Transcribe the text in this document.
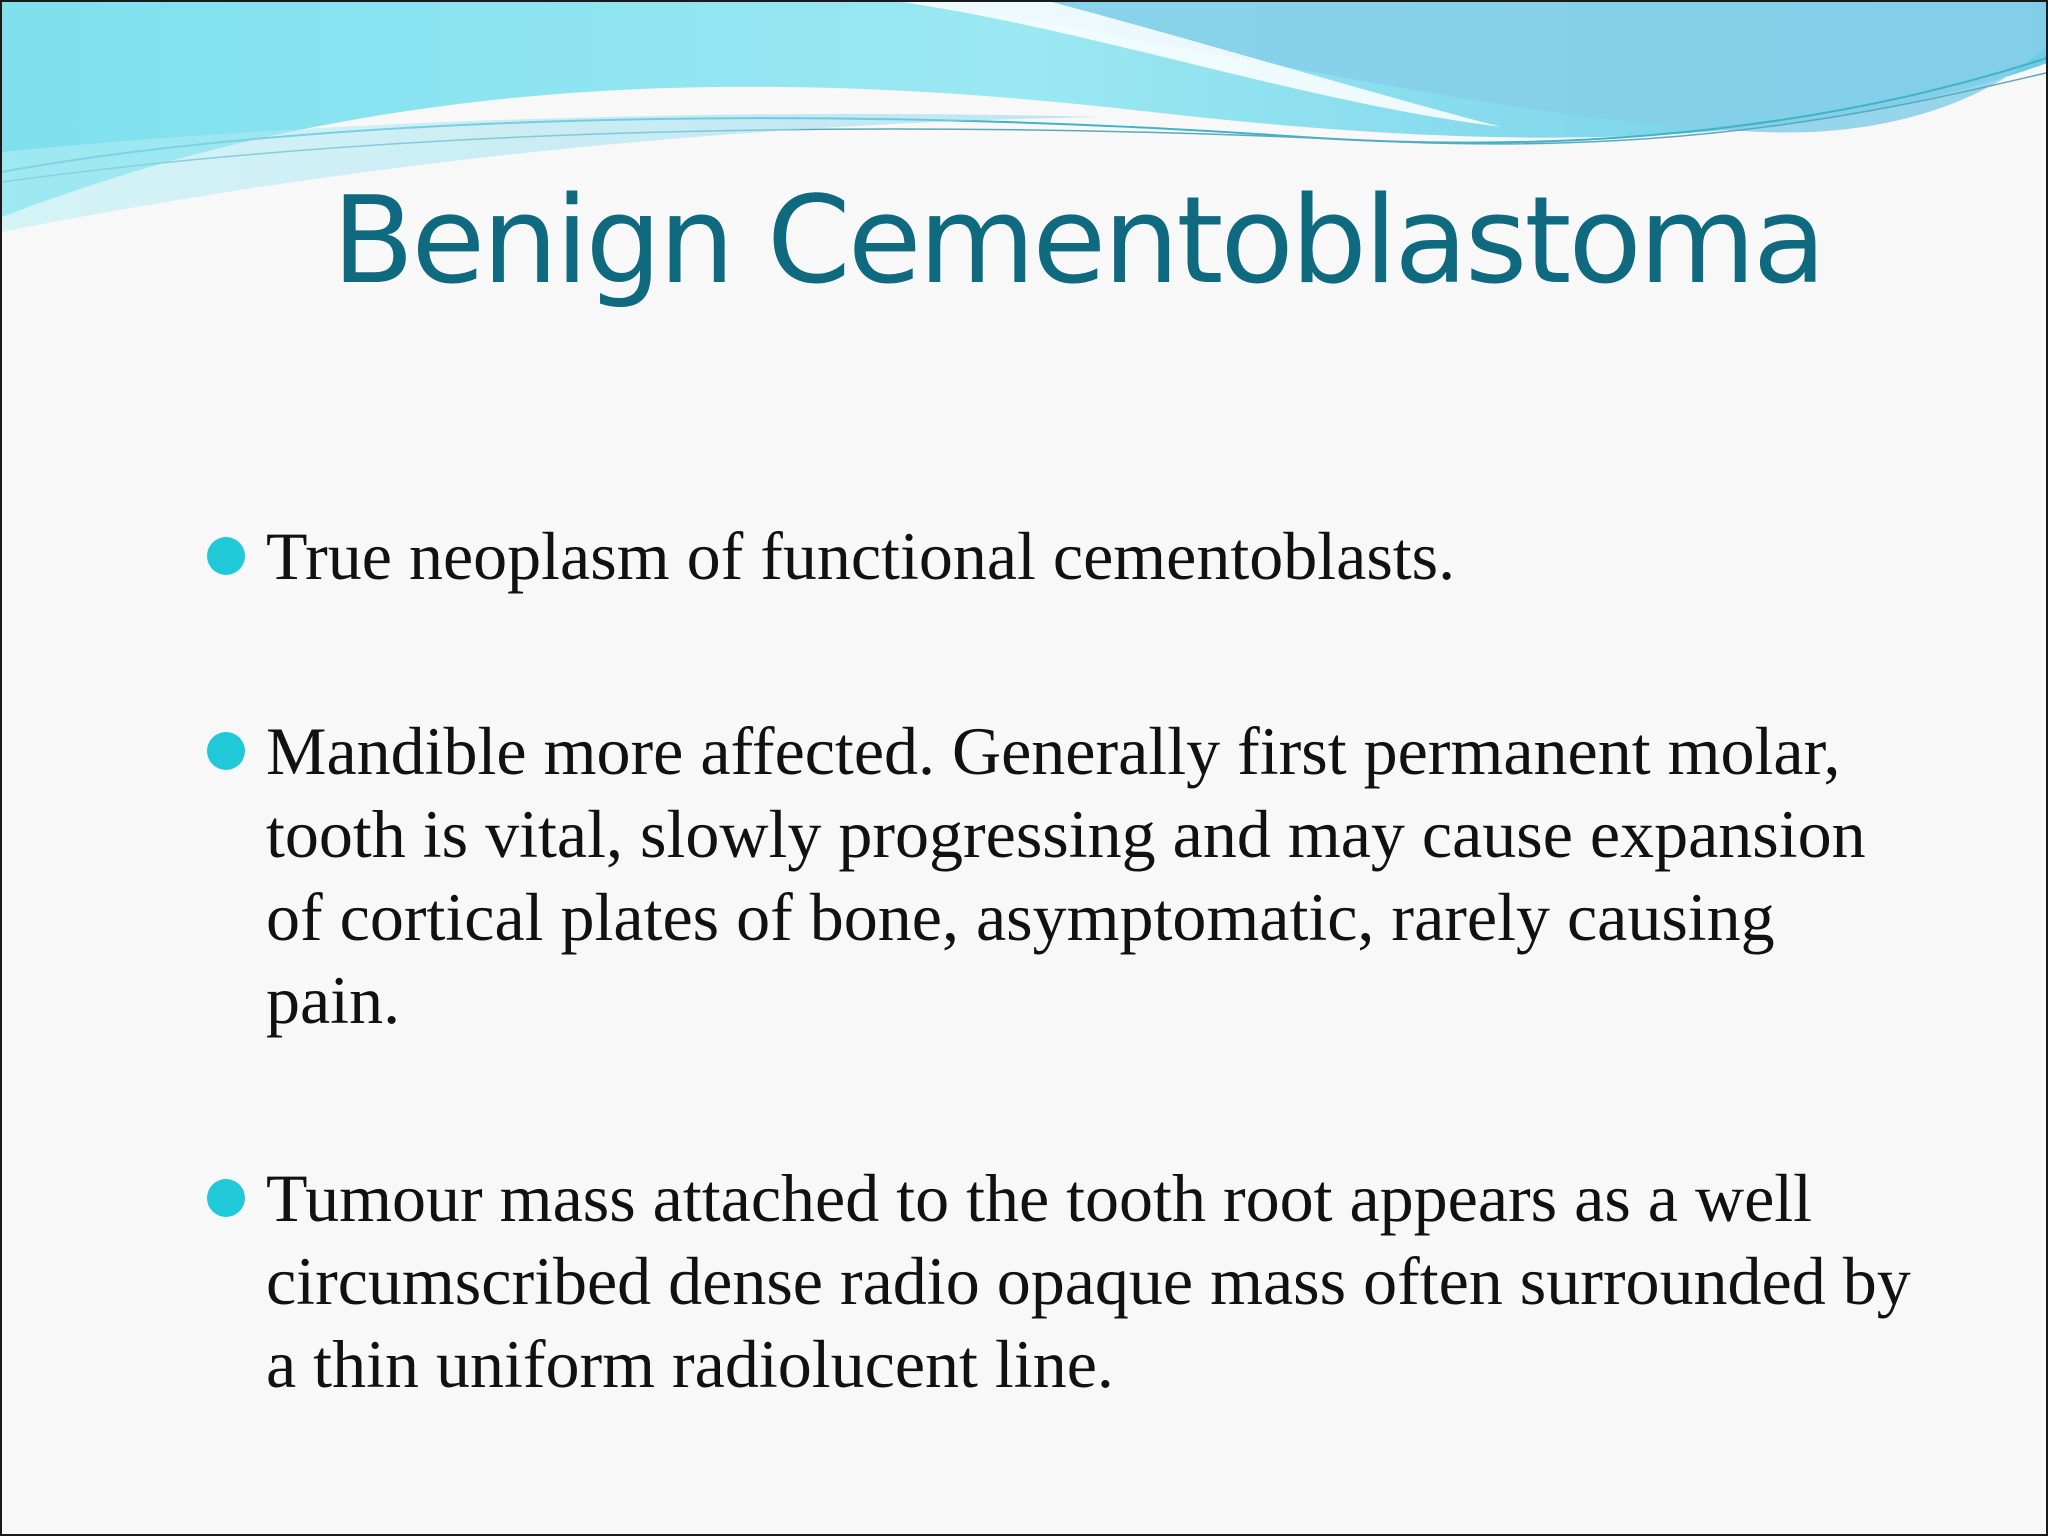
Benign Cementoblastoma
True neoplasm of functional cementoblasts.
Mandible more affected. Generally first permanent molar, tooth is vital, slowly progressing and may cause expansion of cortical plates of bone, asymptomatic, rarely causing pain.
Tumour mass attached to the tooth root appears as a well circumscribed dense radio opaque mass often surrounded by a thin uniform radiolucent line.
